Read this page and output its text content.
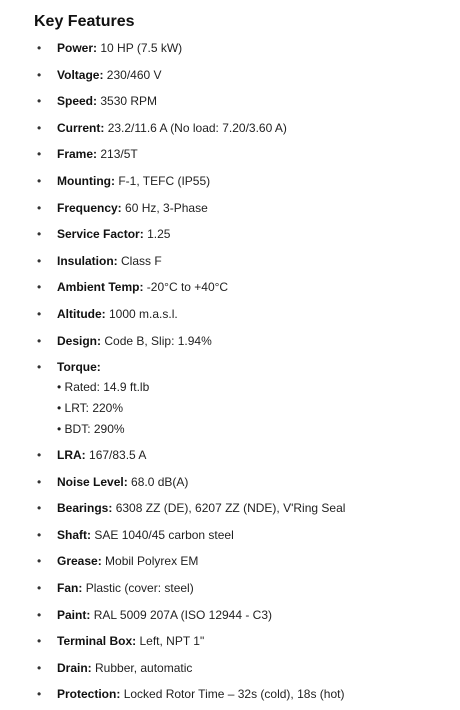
Key Features
• Power: 10 HP (7.5 kW)
• Voltage: 230/460 V
• Speed: 3530 RPM
• Current: 23.2/11.6 A (No load: 7.20/3.60 A)
• Frame: 213/5T
• Mounting: F-1, TEFC (IP55)
• Frequency: 60 Hz, 3-Phase
• Service Factor: 1.25
• Insulation: Class F
• Ambient Temp: -20°C to +40°C
• Altitude: 1000 m.a.s.l.
• Design: Code B, Slip: 1.94%
• Torque:
• Rated: 14.9 ft.lb
• LRT: 220%
• BDT: 290%
• LRA: 167/83.5 A
• Noise Level: 68.0 dB(A)
• Bearings: 6308 ZZ (DE), 6207 ZZ (NDE), V'Ring Seal
• Shaft: SAE 1040/45 carbon steel
• Grease: Mobil Polyrex EM
• Fan: Plastic (cover: steel)
• Paint: RAL 5009 207A (ISO 12944 - C3)
• Terminal Box: Left, NPT 1"
• Drain: Rubber, automatic
• Protection: Locked Rotor Time – 32s (cold), 18s (hot)
